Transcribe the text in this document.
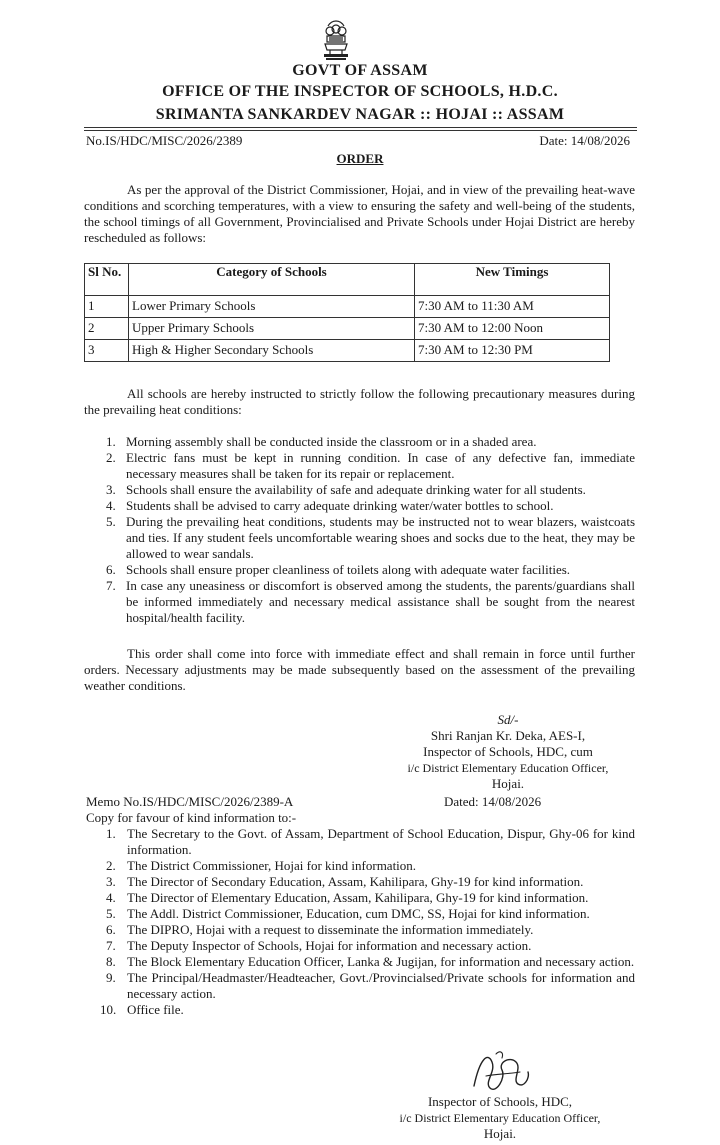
GOVT OF ASSAM
OFFICE OF THE INSPECTOR OF SCHOOLS, H.D.C.
SRIMANTA SANKARDEV NAGAR :: HOJAI :: ASSAM
No.IS/HDC/MISC/2026/2389	Date: 14/08/2026
ORDER
As per the approval of the District Commissioner, Hojai, and in view of the prevailing heat-wave conditions and scorching temperatures, with a view to ensuring the safety and well-being of the students, the school timings of all Government, Provincialised and Private Schools under Hojai District are hereby rescheduled as follows:
Sl No.	Category of Schools	New Timings
1	Lower Primary Schools	7:30 AM to 11:30 AM
2	Upper Primary Schools	7:30 AM to 12:00 Noon
3	High & Higher Secondary Schools	7:30 AM to 12:30 PM
All schools are hereby instructed to strictly follow the following precautionary measures during the prevailing heat conditions:
1. Morning assembly shall be conducted inside the classroom or in a shaded area.
2. Electric fans must be kept in running condition. In case of any defective fan, immediate necessary measures shall be taken for its repair or replacement.
3. Schools shall ensure the availability of safe and adequate drinking water for all students.
4. Students shall be advised to carry adequate drinking water/water bottles to school.
5. During the prevailing heat conditions, students may be instructed not to wear blazers, waistcoats and ties. If any student feels uncomfortable wearing shoes and socks due to the heat, they may be allowed to wear sandals.
6. Schools shall ensure proper cleanliness of toilets along with adequate water facilities.
7. In case any uneasiness or discomfort is observed among the students, the parents/guardians shall be informed immediately and necessary medical assistance shall be sought from the nearest hospital/health facility.
This order shall come into force with immediate effect and shall remain in force until further orders. Necessary adjustments may be made subsequently based on the assessment of the prevailing weather conditions.
Sd/-
Shri Ranjan Kr. Deka, AES-I,
Inspector of Schools, HDC, cum
i/c District Elementary Education Officer,
Hojai.
Memo No.IS/HDC/MISC/2026/2389-A	Dated: 14/08/2026
Copy for favour of kind information to:-
1. The Secretary to the Govt. of Assam, Department of School Education, Dispur, Ghy-06 for kind information.
2. The District Commissioner, Hojai for kind information.
3. The Director of Secondary Education, Assam, Kahilipara, Ghy-19 for kind information.
4. The Director of Elementary Education, Assam, Kahilipara, Ghy-19 for kind information.
5. The Addl. District Commissioner, Education, cum DMC, SS, Hojai for kind information.
6. The DIPRO, Hojai with a request to disseminate the information immediately.
7. The Deputy Inspector of Schools, Hojai for information and necessary action.
8. The Block Elementary Education Officer, Lanka & Jugijan, for information and necessary action.
9. The Principal/Headmaster/Headteacher, Govt./Provincialsed/Private schools for information and necessary action.
10. Office file.
Inspector of Schools, HDC,
i/c District Elementary Education Officer,
Hojai.
